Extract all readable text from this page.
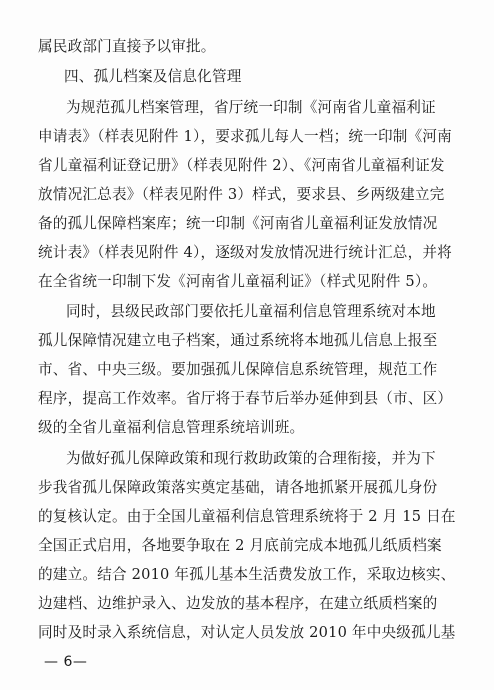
属民政部门直接予以审批。
四、孤儿档案及信息化管理
为规范孤儿档案管理，省厅统一印制《河南省儿童福利证
申请表》（样表见附件 1），要求孤儿每人一档；统一印制《河南
省儿童福利证登记册》（样表见附件 2）、《河南省儿童福利证发
放情况汇总表》（样表见附件 3）样式，要求县、乡两级建立完
备的孤儿保障档案库；统一印制《河南省儿童福利证发放情况
统计表》（样表见附件 4），逐级对发放情况进行统计汇总，并将
在全省统一印制下发《河南省儿童福利证》（样式见附件 5）。
同时，县级民政部门要依托儿童福利信息管理系统对本地
孤儿保障情况建立电子档案，通过系统将本地孤儿信息上报至
市、省、中央三级。要加强孤儿保障信息系统管理，规范工作
程序，提高工作效率。省厅将于春节后举办延伸到县（市、区）
级的全省儿童福利信息管理系统培训班。
为做好孤儿保障政策和现行救助政策的合理衔接，并为下
步我省孤儿保障政策落实奠定基础，请各地抓紧开展孤儿身份
的复核认定。由于全国儿童福利信息管理系统将于 2 月 15 日在
全国正式启用，各地要争取在 2 月底前完成本地孤儿纸质档案
的建立。结合 2010 年孤儿基本生活费发放工作，采取边核实、
边建档、边维护录入、边发放的基本程序，在建立纸质档案的
同时及时录入系统信息，对认定人员发放 2010 年中央级孤儿基
— 6—
